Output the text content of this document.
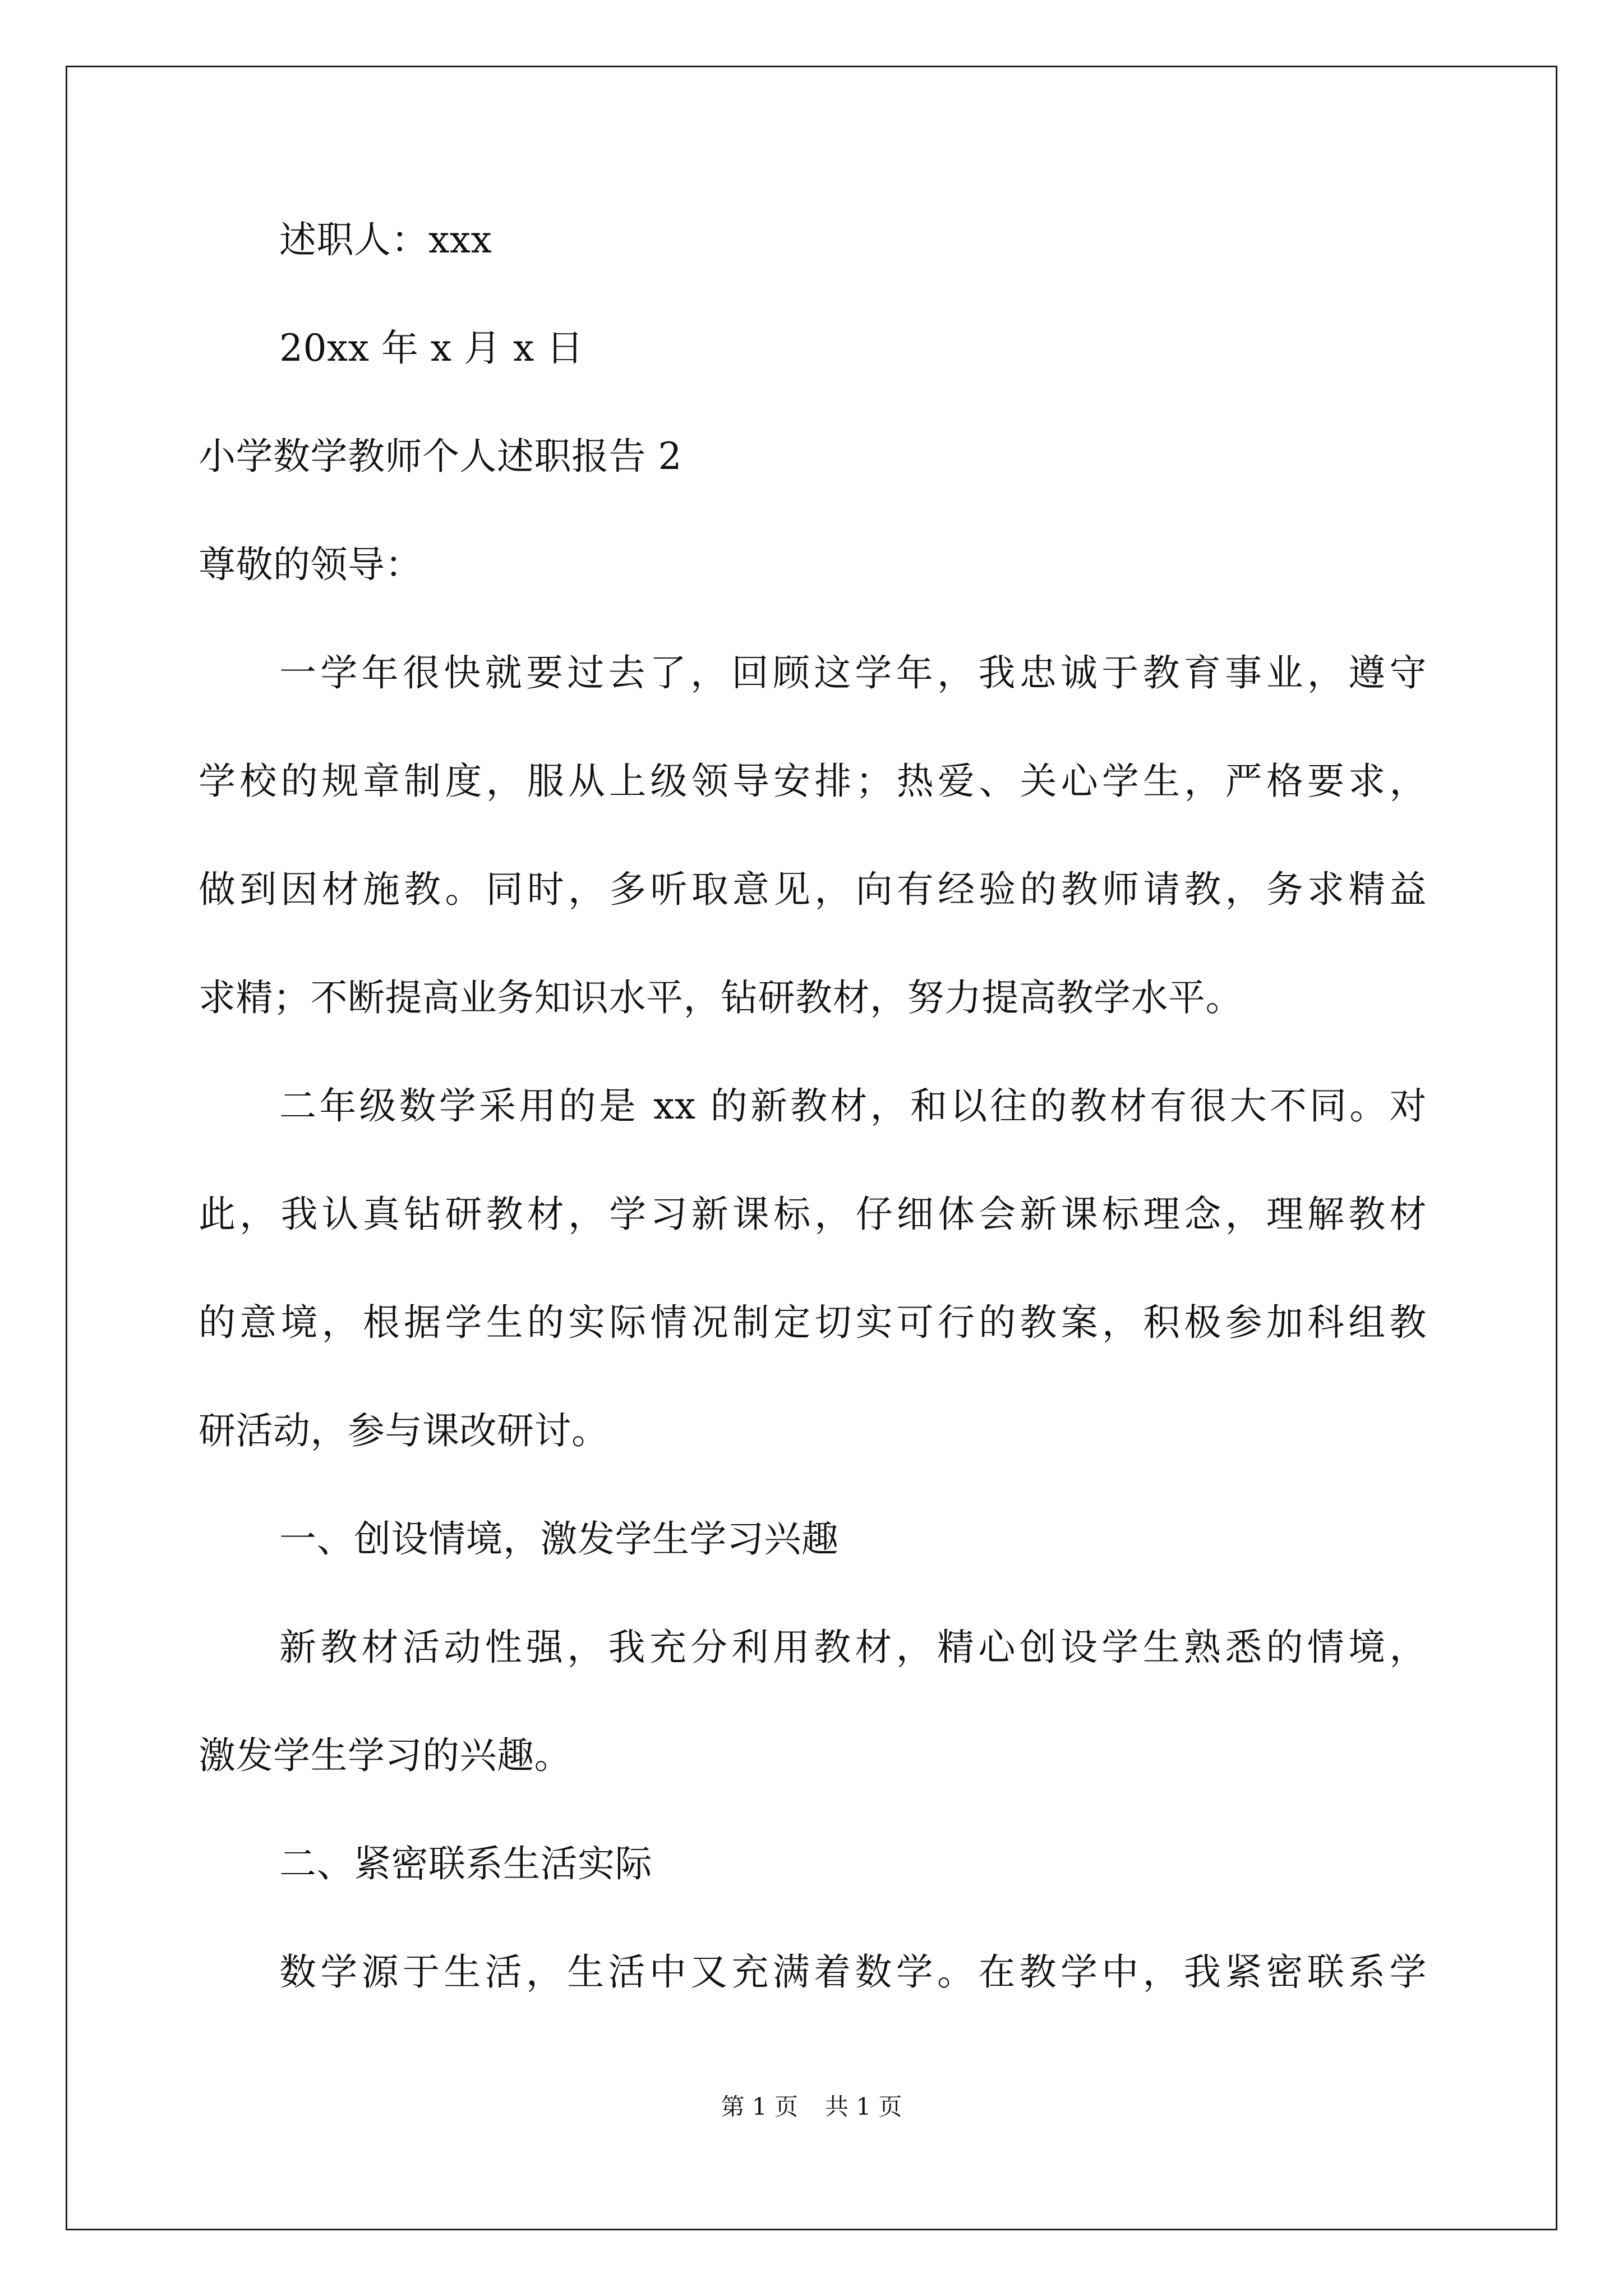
述职人：xxx
20xx 年 x 月 x 日
小学数学教师个人述职报告 2
尊敬的领导：
一学年很快就要过去了，回顾这学年，我忠诚于教育事业，遵守
学校的规章制度，服从上级领导安排；热爱、关心学生，严格要求，
做到因材施教。同时，多听取意见，向有经验的教师请教，务求精益
求精；不断提高业务知识水平，钻研教材，努力提高教学水平。
二年级数学采用的是 xx 的新教材，和以往的教材有很大不同。对
此，我认真钻研教材，学习新课标，仔细体会新课标理念，理解教材
的意境，根据学生的实际情况制定切实可行的教案，积极参加科组教
研活动，参与课改研讨。
一、创设情境，激发学生学习兴趣
新教材活动性强，我充分利用教材，精心创设学生熟悉的情境，
激发学生学习的兴趣。
二、紧密联系生活实际
数学源于生活，生活中又充满着数学。在教学中，我紧密联系学
第 1 页 共 1 页
